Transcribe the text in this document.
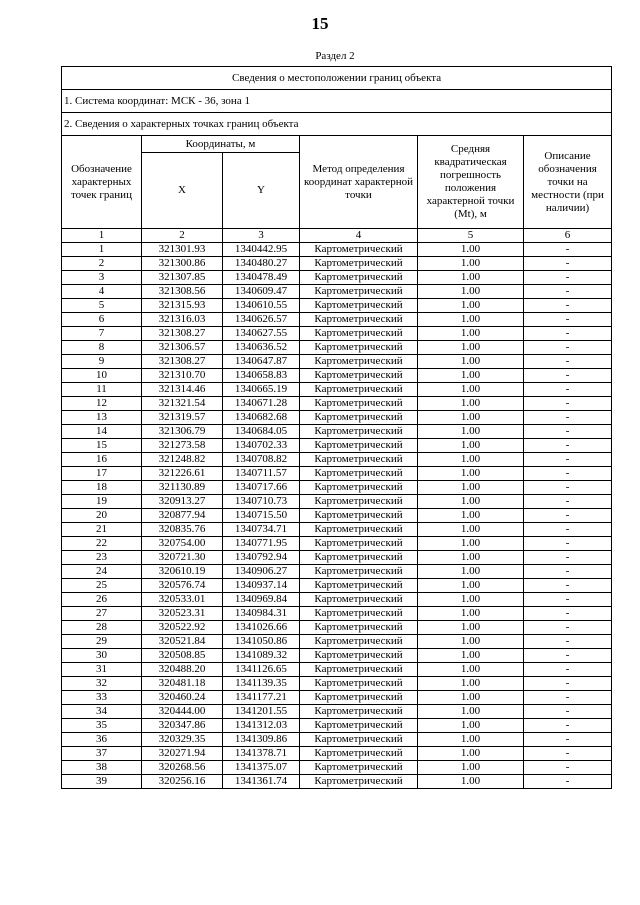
15
Раздел 2
Сведения о местоположении границ объекта					
1. Система координат: МСК - 36, зона 1					
2. Сведения о характерных точках границ объекта					
Обозначение характерных точек границ	Координаты, м		Метод определения координат характерной точки	Средняя квадратическая погрешность положения характерной точки (Mt), м	Описание обозначения точки на местности (при наличии)
	X	Y			
1	2	3	4	5	6
1	321301.93	1340442.95	Картометрический	1.00	-
2	321300.86	1340480.27	Картометрический	1.00	-
3	321307.85	1340478.49	Картометрический	1.00	-
4	321308.56	1340609.47	Картометрический	1.00	-
5	321315.93	1340610.55	Картометрический	1.00	-
6	321316.03	1340626.57	Картометрический	1.00	-
7	321308.27	1340627.55	Картометрический	1.00	-
8	321306.57	1340636.52	Картометрический	1.00	-
9	321308.27	1340647.87	Картометрический	1.00	-
10	321310.70	1340658.83	Картометрический	1.00	-
11	321314.46	1340665.19	Картометрический	1.00	-
12	321321.54	1340671.28	Картометрический	1.00	-
13	321319.57	1340682.68	Картометрический	1.00	-
14	321306.79	1340684.05	Картометрический	1.00	-
15	321273.58	1340702.33	Картометрический	1.00	-
16	321248.82	1340708.82	Картометрический	1.00	-
17	321226.61	1340711.57	Картометрический	1.00	-
18	321130.89	1340717.66	Картометрический	1.00	-
19	320913.27	1340710.73	Картометрический	1.00	-
20	320877.94	1340715.50	Картометрический	1.00	-
21	320835.76	1340734.71	Картометрический	1.00	-
22	320754.00	1340771.95	Картометрический	1.00	-
23	320721.30	1340792.94	Картометрический	1.00	-
24	320610.19	1340906.27	Картометрический	1.00	-
25	320576.74	1340937.14	Картометрический	1.00	-
26	320533.01	1340969.84	Картометрический	1.00	-
27	320523.31	1340984.31	Картометрический	1.00	-
28	320522.92	1341026.66	Картометрический	1.00	-
29	320521.84	1341050.86	Картометрический	1.00	-
30	320508.85	1341089.32	Картометрический	1.00	-
31	320488.20	1341126.65	Картометрический	1.00	-
32	320481.18	1341139.35	Картометрический	1.00	-
33	320460.24	1341177.21	Картометрический	1.00	-
34	320444.00	1341201.55	Картометрический	1.00	-
35	320347.86	1341312.03	Картометрический	1.00	-
36	320329.35	1341309.86	Картометрический	1.00	-
37	320271.94	1341378.71	Картометрический	1.00	-
38	320268.56	1341375.07	Картометрический	1.00	-
39	320256.16	1341361.74	Картометрический	1.00	-
